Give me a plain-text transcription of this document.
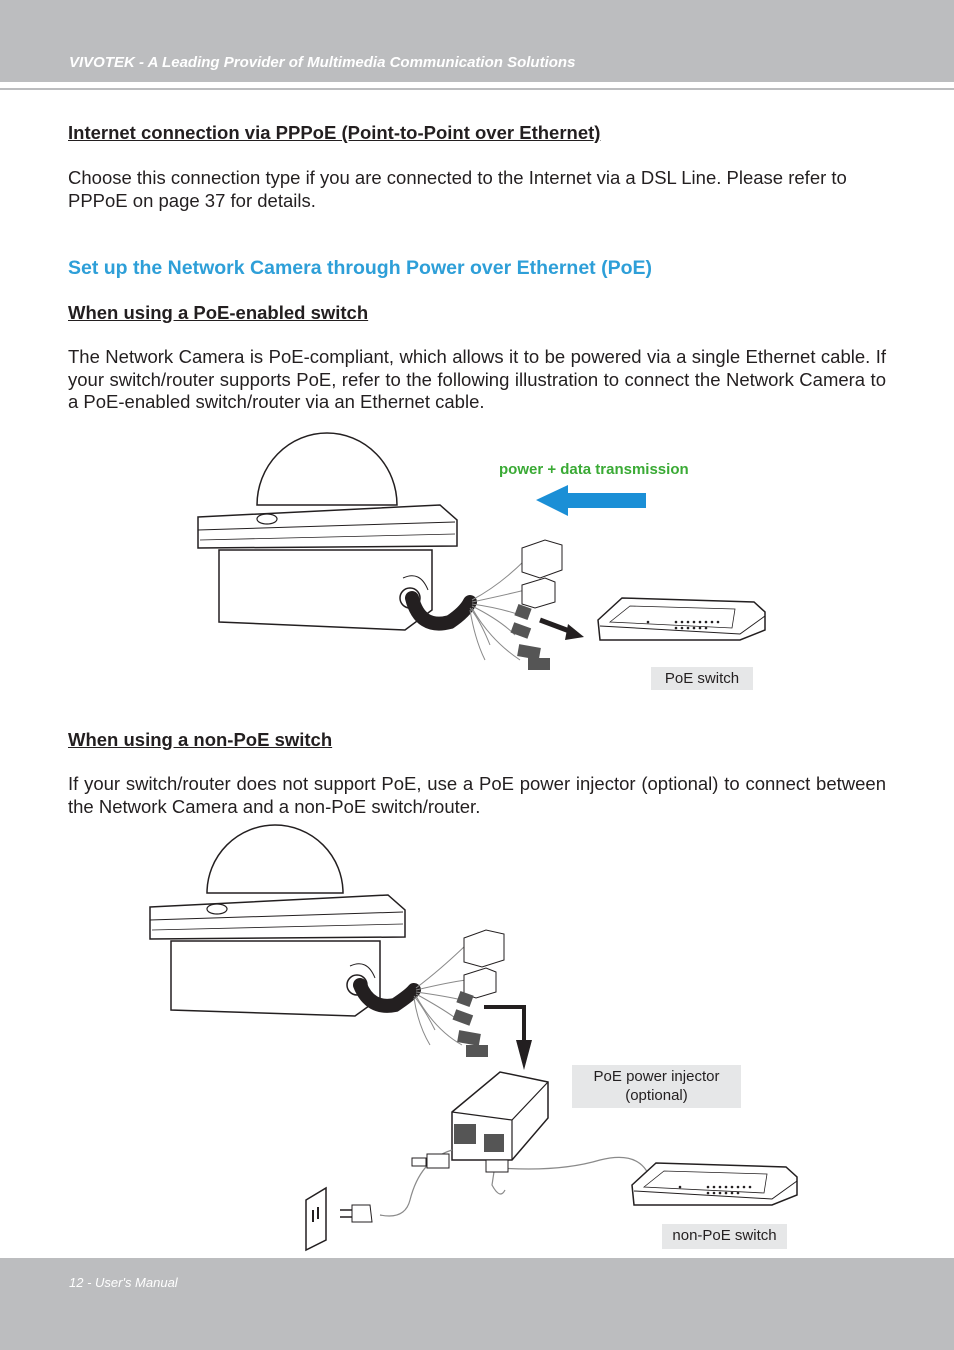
VIVOTEK - A Leading Provider of Multimedia Communication Solutions
Internet connection via PPPoE (Point-to-Point over Ethernet)

Choose this connection type if you are connected to the Internet via a DSL Line. Please refer to PPPoE on page 37 for details.

Set up the Network Camera through Power over Ethernet (PoE)
When using a PoE-enabled switch

The Network Camera is PoE-compliant, which allows it to be powered via a single Ethernet cable. If your switch/router supports PoE, refer to the following illustration to connect the Network Camera to a PoE-enabled switch/router via an Ethernet cable.

power + data transmission
PoE switch
When using a non-PoE switch

If your switch/router does not support PoE, use a PoE power injector (optional) to connect between the Network Camera and a non-PoE switch/router.

PoE power injector
(optional)
non-PoE switch
12 - User's Manual
